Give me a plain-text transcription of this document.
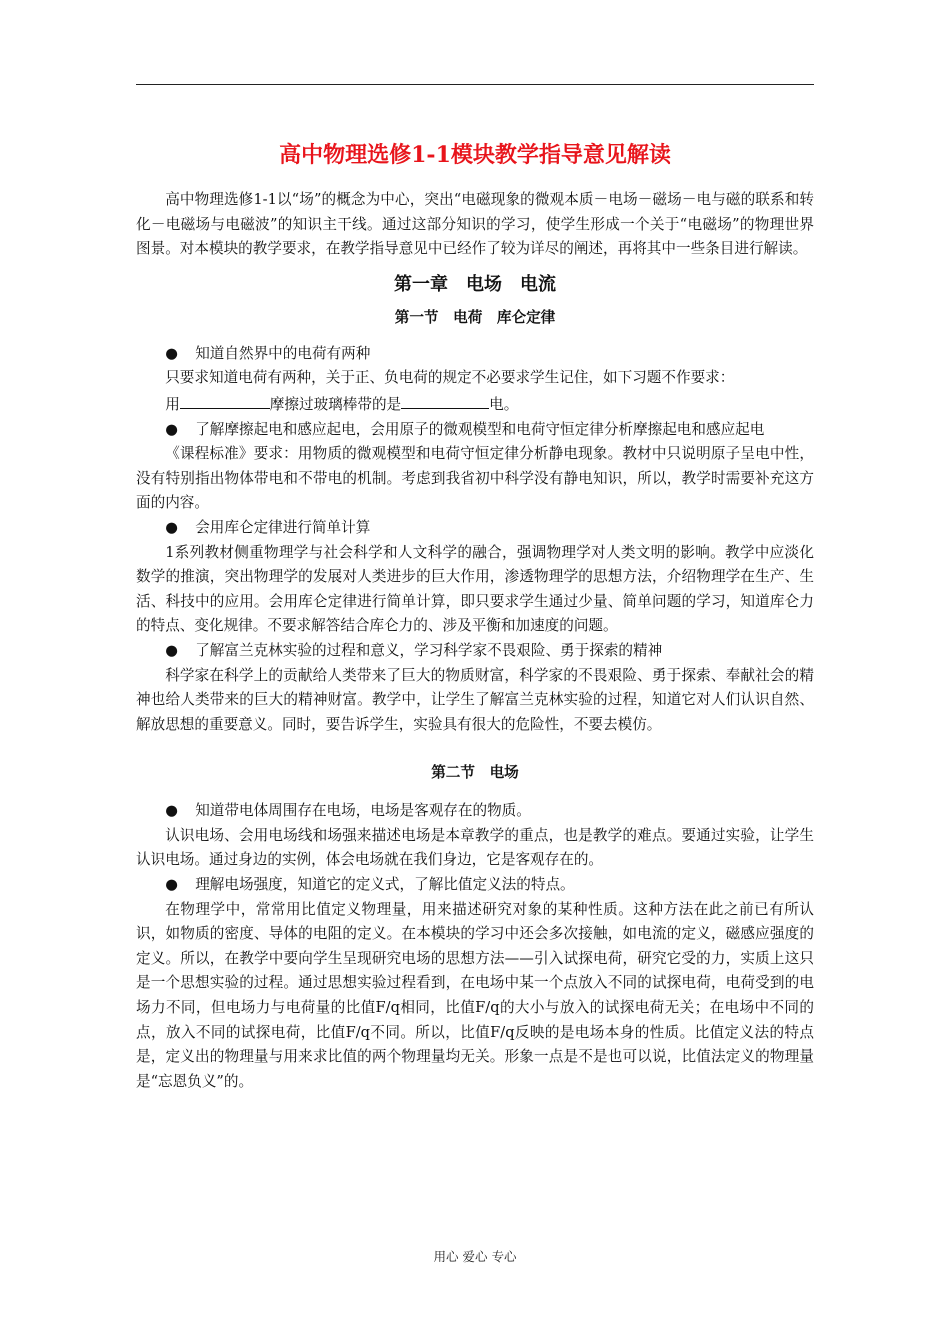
高中物理选修1-1模块教学指导意见解读

高中物理选修1-1以“场”的概念为中心，突出“电磁现象的微观本质－电场－磁场－电与磁的联系和转化－电磁场与电磁波”的知识主干线。通过这部分知识的学习，使学生形成一个关于“电磁场”的物理世界图景。对本模块的教学要求，在教学指导意见中已经作了较为详尽的阐述，再将其中一些条目进行解读。

第一章　电场　电流
第一节　电荷　库仑定律

● 知道自然界中的电荷有两种

只要求知道电荷有两种，关于正、负电荷的规定不必要求学生记住，如下习题不作要求：

用	摩擦过玻璃棒带的是	电。

● 了解摩擦起电和感应起电，会用原子的微观模型和电荷守恒定律分析摩擦起电和感应起电

《课程标准》要求：用物质的微观模型和电荷守恒定律分析静电现象。教材中只说明原子呈电中性，没有特别指出物体带电和不带电的机制。考虑到我省初中科学没有静电知识，所以，教学时需要补充这方面的内容。

● 会用库仑定律进行简单计算

1系列教材侧重物理学与社会科学和人文科学的融合，强调物理学对人类文明的影响。教学中应淡化数学的推演，突出物理学的发展对人类进步的巨大作用，渗透物理学的思想方法，介绍物理学在生产、生活、科技中的应用。会用库仑定律进行简单计算，即只要求学生通过少量、简单问题的学习，知道库仑力的特点、变化规律。不要求解答结合库仑力的、涉及平衡和加速度的问题。

● 了解富兰克林实验的过程和意义，学习科学家不畏艰险、勇于探索的精神

科学家在科学上的贡献给人类带来了巨大的物质财富，科学家的不畏艰险、勇于探索、奉献社会的精神也给人类带来的巨大的精神财富。教学中，让学生了解富兰克林实验的过程，知道它对人们认识自然、解放思想的重要意义。同时，要告诉学生，实验具有很大的危险性，不要去模仿。

第二节　电场

● 知道带电体周围存在电场，电场是客观存在的物质。

认识电场、会用电场线和场强来描述电场是本章教学的重点，也是教学的难点。要通过实验，让学生认识电场。通过身边的实例，体会电场就在我们身边，它是客观存在的。

● 理解电场强度，知道它的定义式，了解比值定义法的特点。

在物理学中，常常用比值定义物理量，用来描述研究对象的某种性质。这种方法在此之前已有所认识，如物质的密度、导体的电阻的定义。在本模块的学习中还会多次接触，如电流的定义，磁感应强度的定义。所以，在教学中要向学生呈现研究电场的思想方法——引入试探电荷，研究它受的力，实质上这只是一个思想实验的过程。通过思想实验过程看到，在电场中某一个点放入不同的试探电荷，电荷受到的电场力不同，但电场力与电荷量的比值F/q相同，比值F/q的大小与放入的试探电荷无关；在电场中不同的点，放入不同的试探电荷，比值F/q不同。所以，比值F/q反映的是电场本身的性质。比值定义法的特点是，定义出的物理量与用来求比值的两个物理量均无关。形象一点是不是也可以说，比值法定义的物理量是“忘恩负义”的。

用心 爱心 专心
